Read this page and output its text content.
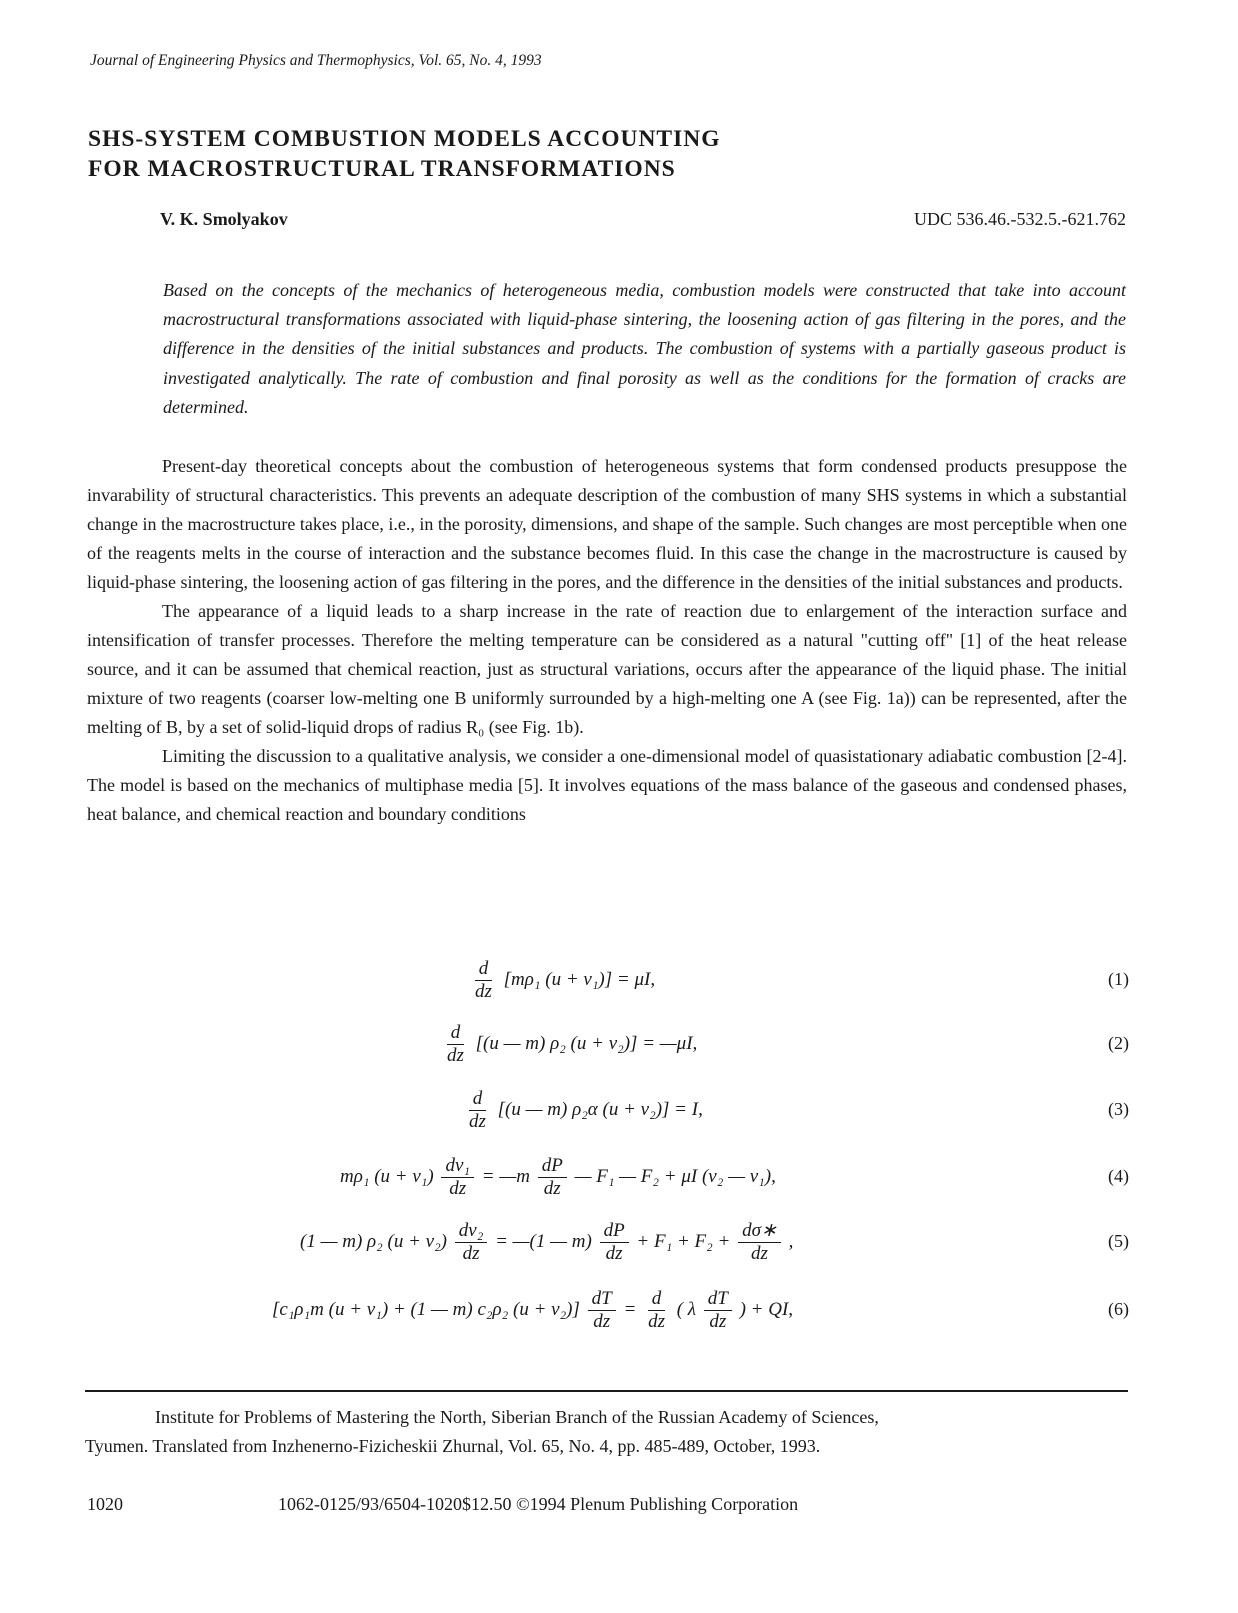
Journal of Engineering Physics and Thermophysics, Vol. 65, No. 4, 1993
SHS-SYSTEM COMBUSTION MODELS ACCOUNTING
FOR MACROSTRUCTURAL TRANSFORMATIONS
V. K. Smolyakov	UDC 536.46.-532.5.-621.762
Based on the concepts of the mechanics of heterogeneous media, combustion models were constructed that take into account macrostructural transformations associated with liquid-phase sintering, the loosening action of gas filtering in the pores, and the difference in the densities of the initial substances and products. The combustion of systems with a partially gaseous product is investigated analytically. The rate of combustion and final porosity as well as the conditions for the formation of cracks are determined.

Present-day theoretical concepts about the combustion of heterogeneous systems that form condensed products presuppose the invarability of structural characteristics. This prevents an adequate description of the combustion of many SHS systems in which a substantial change in the macrostructure takes place, i.e., in the porosity, dimensions, and shape of the sample. Such changes are most perceptible when one of the reagents melts in the course of interaction and the substance becomes fluid. In this case the change in the macrostructure is caused by liquid-phase sintering, the loosening action of gas filtering in the pores, and the difference in the densities of the initial substances and products.

The appearance of a liquid leads to a sharp increase in the rate of reaction due to enlargement of the interaction surface and intensification of transfer processes. Therefore the melting temperature can be considered as a natural "cutting off" [1] of the heat release source, and it can be assumed that chemical reaction, just as structural variations, occurs after the appearance of the liquid phase. The initial mixture of two reagents (coarser low-melting one B uniformly surrounded by a high-melting one A (see Fig. 1a)) can be represented, after the melting of B, by a set of solid-liquid drops of radius R₀ (see Fig. 1b).

Limiting the discussion to a qualitative analysis, we consider a one-dimensional model of quasistationary adiabatic combustion [2-4]. The model is based on the mechanics of multiphase media [5]. It involves equations of the mass balance of the gaseous and condensed phases, heat balance, and chemical reaction and boundary conditions

$\frac{d}{dz} [m\rho_1$ (u + v₁)] = μI,	(1)
$\frac{d}{dz} [(u$ — m) ρ₂ (u + v₂)] = —μI,	(2)
$\frac{d}{dz} [(u$ — m) ρ₂α (u + v₂)] = I,	(3)
mρ₁ $(u + v_1) \frac{\text{dv₁}}{dz}$ = —m $\frac{dP}{dz}$ — F₁ — F₂ + μI (v₂ — v₁),	(4)
(1 — m) ρ₂ $(u + v_2) \frac{\text{dv₂}}{dz}$ = —(1 — $m) \frac{dP}{dz} + F_1 + F_2 + \frac{d\sigma∗}{dz}$ ,	(5)
[c₁ρ₁m (u + v₁) + (1 — m) c₂ρ₂ $(u + v_2)] \frac{dT}{dz} = \frac{d}{dz}$ ( λ $\frac{dT}{dz}$ ) + QI,	(6)
Institute for Problems of Mastering the North, Siberian Branch of the Russian Academy of Sciences,
Tyumen. Translated from Inzhenerno-Fizicheskii Zhurnal, Vol. 65, No. 4, pp. 485-489, October, 1993.
1020	1062-0125/93/6504-1020$12.50 ©1994 Plenum Publishing Corporation
